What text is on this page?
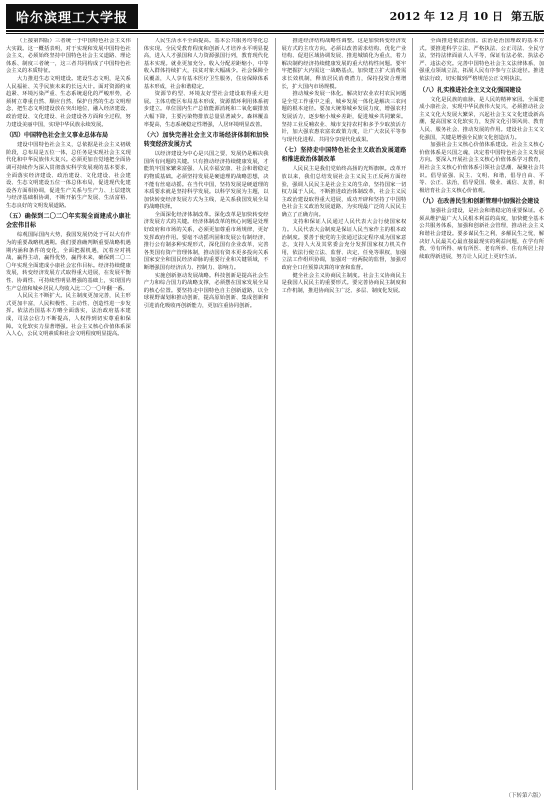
哈尔滨理工大学报	2012 年 12 月 10 日 第五版

（上接第四版）三者统一于中国特色社会主义伟大实践。这一概括表明，对于实现和发展中国特色社会主义，必须始终坚持中国特色社会主义道路、理论体系、制度三者统一，这三者共同构成了中国特色社会主义的本质特征。

大力推进生态文明建设。建设生态文明，是关系人民福祉、关乎民族未来的长远大计。面对资源约束趋紧、环境污染严重、生态系统退化的严峻形势，必须树立尊重自然、顺应自然、保护自然的生态文明理念，把生态文明建设放在突出地位，融入经济建设、政治建设、文化建设、社会建设各方面和全过程，努力建设美丽中国，实现中华民族永续发展。

（四）中国特色社会主义事业总体布局

建设中国特色社会主义，总依据是社会主义初级阶段，总布局是五位一体，总任务是实现社会主义现代化和中华民族伟大复兴。必须更加自觉地把全面协调可持续作为深入贯彻落实科学发展观的基本要求，全面落实经济建设、政治建设、文化建设、社会建设、生态文明建设五位一体总体布局，促进现代化建设各方面相协调，促进生产关系与生产力、上层建筑与经济基础相协调，不断开拓生产发展、生活富裕、生态良好的文明发展道路。

（五）确保到二〇二〇年实现全面建成小康社会宏伟目标

综观国际国内大势，我国发展仍处于可以大有作为的重要战略机遇期。我们要准确判断重要战略机遇期内涵和条件的变化，全面把握机遇，沉着应对挑战，赢得主动，赢得优势，赢得未来，确保到二〇二〇年实现全面建成小康社会宏伟目标。经济持续健康发展，转变经济发展方式取得重大进展，在发展平衡性、协调性、可持续性明显增强的基础上，实现国内生产总值和城乡居民人均收入比二〇一〇年翻一番。

人民民主不断扩大。民主制度更加完善，民主形式更加丰富，人民积极性、主动性、创造性进一步发挥。依法治国基本方略全面落实，法治政府基本建成，司法公信力不断提高，人权得到切实尊重和保障。文化软实力显著增强。社会主义核心价值体系深入人心，公民文明素质和社会文明程度明显提高。

人民生活水平全面提高。基本公共服务均等化总体实现。全民受教育程度和创新人才培养水平明显提高，进入人才强国和人力资源强国行列，教育现代化基本实现。就业更加充分。收入分配差距缩小，中等收入群体持续扩大，扶贫对象大幅减少。社会保障全民覆盖，人人享有基本医疗卫生服务，住房保障体系基本形成，社会和谐稳定。

资源节约型、环境友好型社会建设取得重大进展。主体功能区布局基本形成，资源循环利用体系初步建立。单位国内生产总值能源消耗和二氧化碳排放大幅下降，主要污染物排放总量显著减少。森林覆盖率提高，生态系统稳定性增强，人居环境明显改善。

（六）加快完善社会主义市场经济体制和加快转变经济发展方式

以经济建设为中心是兴国之要，发展仍是解决我国所有问题的关键。只有推动经济持续健康发展，才能筑牢国家繁荣富强、人民幸福安康、社会和谐稳定的物质基础。必须坚持发展是硬道理的战略思想，决不能有丝毫动摇。在当代中国，坚持发展是硬道理的本质要求就是坚持科学发展。以科学发展为主题，以加快转变经济发展方式为主线，是关系我国发展全局的战略抉择。

全面深化经济体制改革。深化改革是加快转变经济发展方式的关键。经济体制改革的核心问题是处理好政府和市场的关系，必须更加尊重市场规律，更好发挥政府作用。要毫不动摇巩固和发展公有制经济，推行公有制多种实现形式，深化国有企业改革，完善各类国有资产管理体制，推动国有资本更多投向关系国家安全和国民经济命脉的重要行业和关键领域，不断增强国有经济活力、控制力、影响力。

实施创新驱动发展战略。科技创新是提高社会生产力和综合国力的战略支撑，必须摆在国家发展全局的核心位置。要坚持走中国特色自主创新道路，以全球视野谋划和推动创新，提高原始创新、集成创新和引进消化吸收再创新能力，更加注重协同创新。

推进经济结构战略性调整。这是加快转变经济发展方式的主攻方向。必须以改善需求结构、优化产业结构、促进区域协调发展、推进城镇化为重点，着力解决制约经济持续健康发展的重大结构性问题。要牢牢把握扩大内需这一战略基点，加快建立扩大消费需求长效机制，释放居民消费潜力，保持投资合理增长，扩大国内市场规模。

推动城乡发展一体化。解决好农业农村农民问题是全党工作重中之重，城乡发展一体化是解决三农问题的根本途径。要加大统筹城乡发展力度，增强农村发展活力，逐步缩小城乡差距，促进城乡共同繁荣。坚持工业反哺农业、城市支持农村和多予少取放活方针，加大强农惠农富农政策力度，让广大农民平等参与现代化进程、共同分享现代化成果。

（七）坚持走中国特色社会主义政治发展道路和推进政治体制改革

人民民主是我们党始终高扬的光辉旗帜。改革开放以来，我们总结发展社会主义民主正反两方面经验，强调人民民主是社会主义的生命，坚持国家一切权力属于人民，不断推进政治体制改革，社会主义民主政治建设取得重大进展，成功开辟和坚持了中国特色社会主义政治发展道路，为实现最广泛的人民民主确立了正确方向。

支持和保证人民通过人民代表大会行使国家权力。人民代表大会制度是保证人民当家作主的根本政治制度。要善于使党的主张通过法定程序成为国家意志，支持人大及其常委会充分发挥国家权力机关作用，依法行使立法、监督、决定、任免等职权，加强立法工作组织协调，加强对一府两院的监督，加强对政府全口径预算决算的审查和监督。

健全社会主义协商民主制度。社会主义协商民主是我国人民民主的重要形式。要完善协商民主制度和工作机制，推进协商民主广泛、多层、制度化发展。

全面推进依法治国。法治是治国理政的基本方式。要推进科学立法、严格执法、公正司法、全民守法，坚持法律面前人人平等，保证有法必依、执法必严、违法必究。完善中国特色社会主义法律体系，加强重点领域立法，拓展人民有序参与立法途径。推进依法行政，切实做到严格规范公正文明执法。

（八）扎实推进社会主义文化强国建设

文化是民族的血脉，是人民的精神家园。全面建成小康社会，实现中华民族伟大复兴，必须推动社会主义文化大发展大繁荣，兴起社会主义文化建设新高潮，提高国家文化软实力，发挥文化引领风尚、教育人民、服务社会、推动发展的作用。建设社会主义文化强国，关键是增强全民族文化创造活力。

加强社会主义核心价值体系建设。社会主义核心价值体系是兴国之魂，决定着中国特色社会主义发展方向。要深入开展社会主义核心价值体系学习教育，用社会主义核心价值体系引领社会思潮、凝聚社会共识。倡导富强、民主、文明、和谐，倡导自由、平等、公正、法治，倡导爱国、敬业、诚信、友善，积极培育社会主义核心价值观。

（九）在改善民生和创新管理中加强社会建设

加强社会建设，是社会和谐稳定的重要保证。必须从维护最广大人民根本利益的高度，加快健全基本公共服务体系，加强和创新社会管理，推动社会主义和谐社会建设。要多谋民生之利，多解民生之忧，解决好人民最关心最直接最现实的利益问题，在学有所教、劳有所得、病有所医、老有所养、住有所居上持续取得新进展，努力让人民过上更好生活。

（下转第六版）
